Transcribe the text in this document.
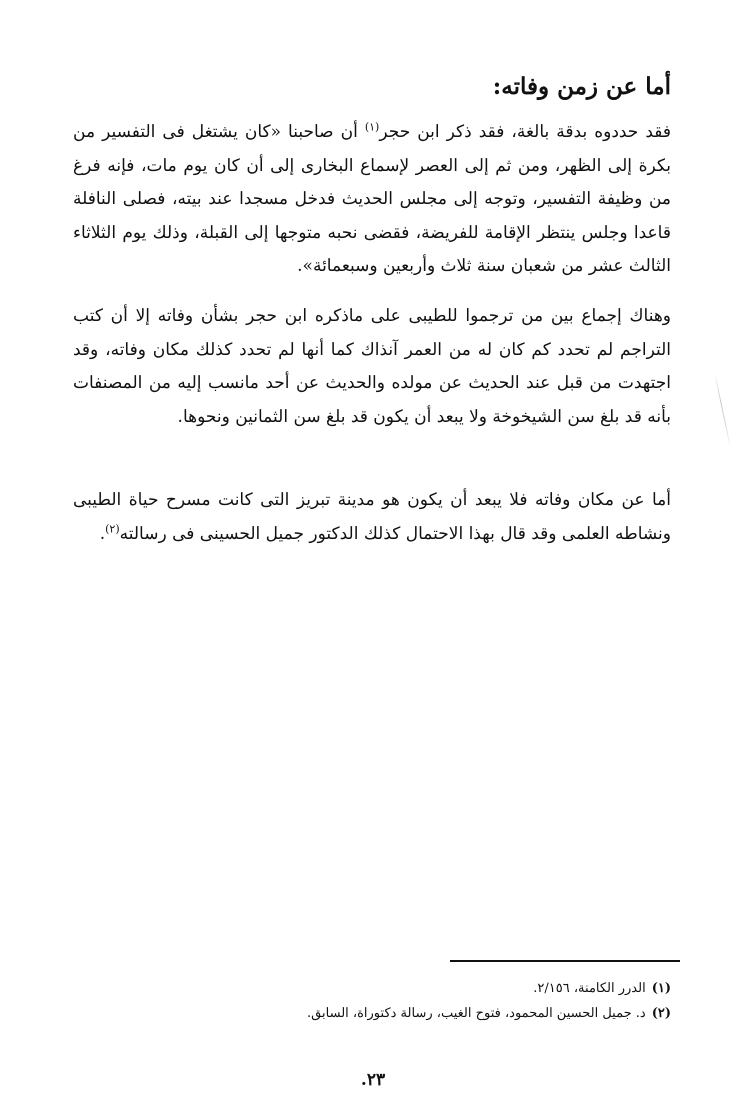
أما عن زمن وفاته:

فقد حددوه بدقة بالغة، فقد ذكر ابن حجر$^{(١)}$ أن صاحبنا «كان يشتغل فى التفسير من بكرة إلى الظهر، ومن ثم إلى العصر لإسماع البخارى إلى أن كان يوم مات، فإنه فرغ من وظيفة التفسير، وتوجه إلى مجلس الحديث فدخل مسجدا عند بيته، فصلى النافلة قاعدا وجلس ينتظر الإقامة للفريضة، فقضى نحبه متوجها إلى القبلة، وذلك يوم الثلاثاء الثالث عشر من شعبان سنة ثلاث وأربعين وسبعمائة».

وهناك إجماع بين من ترجموا للطيبى على ماذكره ابن حجر بشأن وفاته إلا أن كتب التراجم لم تحدد كم كان له من العمر آنذاك كما أنها لم تحدد كذلك مكان وفاته، وقد اجتهدت من قبل عند الحديث عن مولده والحديث عن أحد مانسب إليه من المصنفات بأنه قد بلغ سن الشيخوخة ولا يبعد أن يكون قد بلغ سن الثمانين ونحوها.

أما عن مكان وفاته فلا يبعد أن يكون هو مدينة تبريز التى كانت مسرح حياة الطيبى ونشاطه العلمى وقد قال بهذا الاحتمال كذلك الدكتور جميل الحسينى فى رسالته$^{(٢)}$.

(١)الدرر الكامنة، ٢/١٥٦.
(٢)د. جميل الحسين المحمود، فتوح الغيب، رسالة دكتوراة، السابق.
٢٣.
